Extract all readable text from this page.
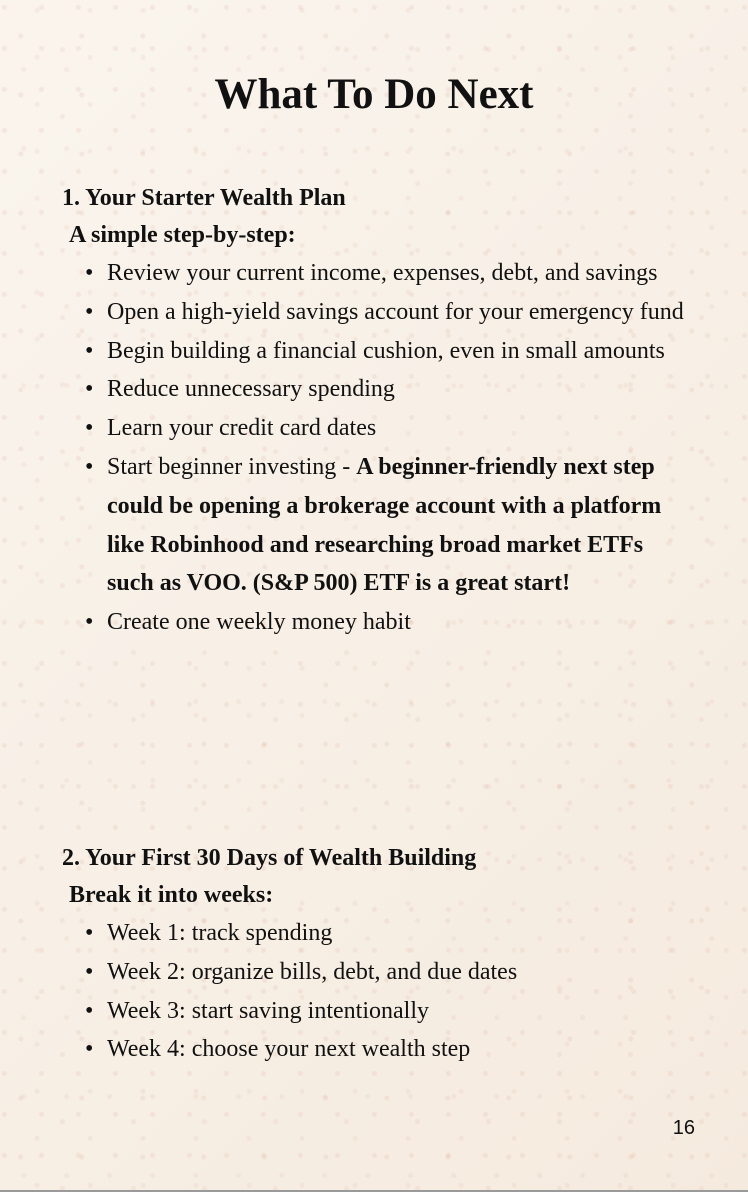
What To Do Next
1. Your Starter Wealth Plan
A simple step-by-step:
• Review your current income, expenses, debt, and savings
• Open a high-yield savings account for your emergency fund
• Begin building a financial cushion, even in small amounts
• Reduce unnecessary spending
• Learn your credit card dates
• Start beginner investing - A beginner-friendly next step could be opening a brokerage account with a platform like Robinhood and researching broad market ETFs such as VOO. (S&P 500) ETF is a great start!
• Create one weekly money habit
2. Your First 30 Days of Wealth Building
Break it into weeks:
• Week 1: track spending
• Week 2: organize bills, debt, and due dates
• Week 3: start saving intentionally
• Week 4: choose your next wealth step
16
